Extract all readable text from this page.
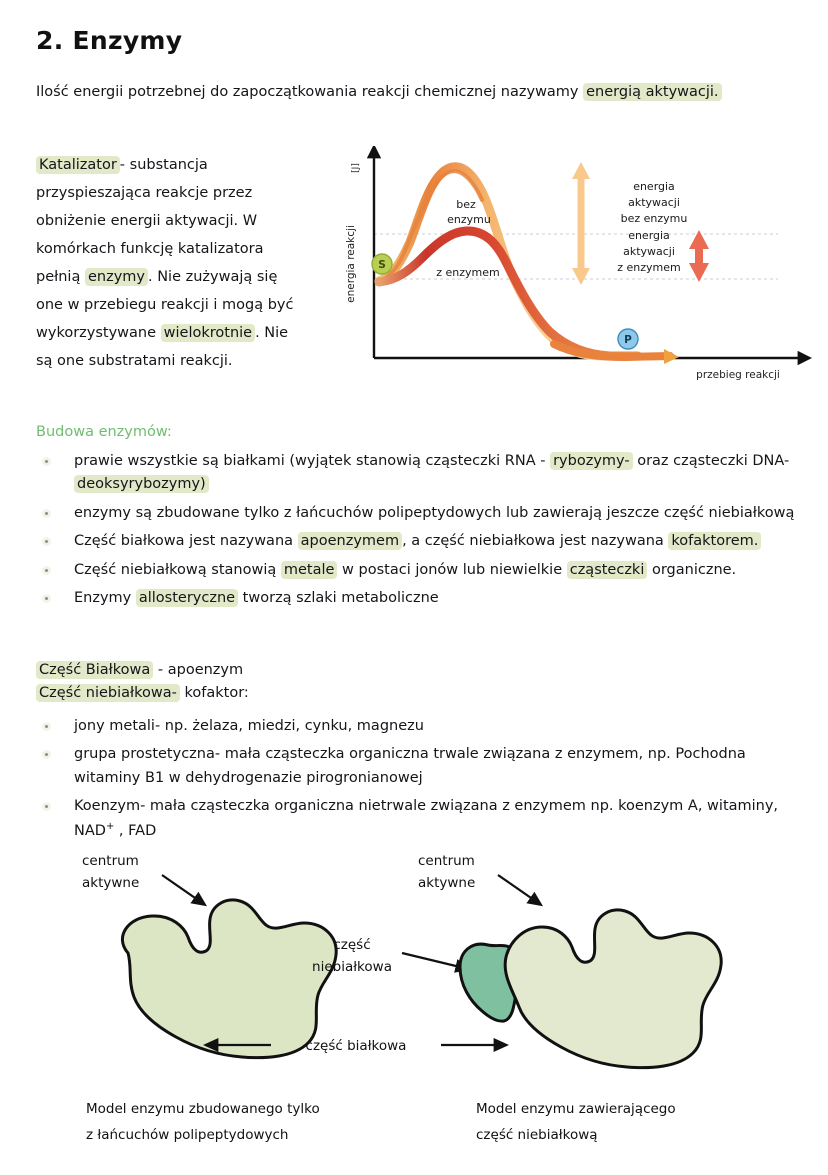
2. Enzymy
Ilość energii potrzebnej do zapoczątkowania reakcji chemicznej nazywamy energią aktywacji.
Katalizator - substancja przyspieszająca reakcje przez obniżenie energii aktywacji. W komórkach funkcję katalizatora pełnią enzymy . Nie zużywają się one w przebiegu reakcji i mogą być wykorzystywane wielokrotnie . Nie są one substratami reakcji.
[J]
energia reakcji
przebieg reakcji
bez
enzymu
z enzymem
S
P
energia
aktywacji
bez enzymu
energia
aktywacji
z enzymem
Budowa enzymów:
prawie wszystkie są białkami (wyjątek stanowią cząsteczki RNA - rybozymy- oraz cząsteczki DNA-deoksyrybozymy)
enzymy są zbudowane tylko z łańcuchów polipeptydowych lub zawierają jeszcze część niebiałkową
Część białkowa jest nazywana apoenzymem , a część niebiałkowa jest nazywana kofaktorem.
Część niebiałkową stanowią metale w postaci jonów lub niewielkie cząsteczki organiczne.
Enzymy allosteryczne tworzą szlaki metaboliczne
Część Białkowa - apoenzym
Część niebiałkowa- kofaktor:
jony metali- np. żelaza, miedzi, cynku, magnezu
grupa prostetyczna- mała cząsteczka organiczna trwale związana z enzymem, np. Pochodna witaminy B1 w dehydrogenazie pirogronianowej
Koenzym- mała cząsteczka organiczna nietrwale związana z enzymem np. koenzym A, witaminy, NAD+ , FAD
centrum
aktywne
Model enzymu zbudowanego tylko
z łańcuchów polipeptydowych
część białkowa
centrum
aktywne
część
niebiałkowa
Model enzymu zawierającego
część niebiałkową
